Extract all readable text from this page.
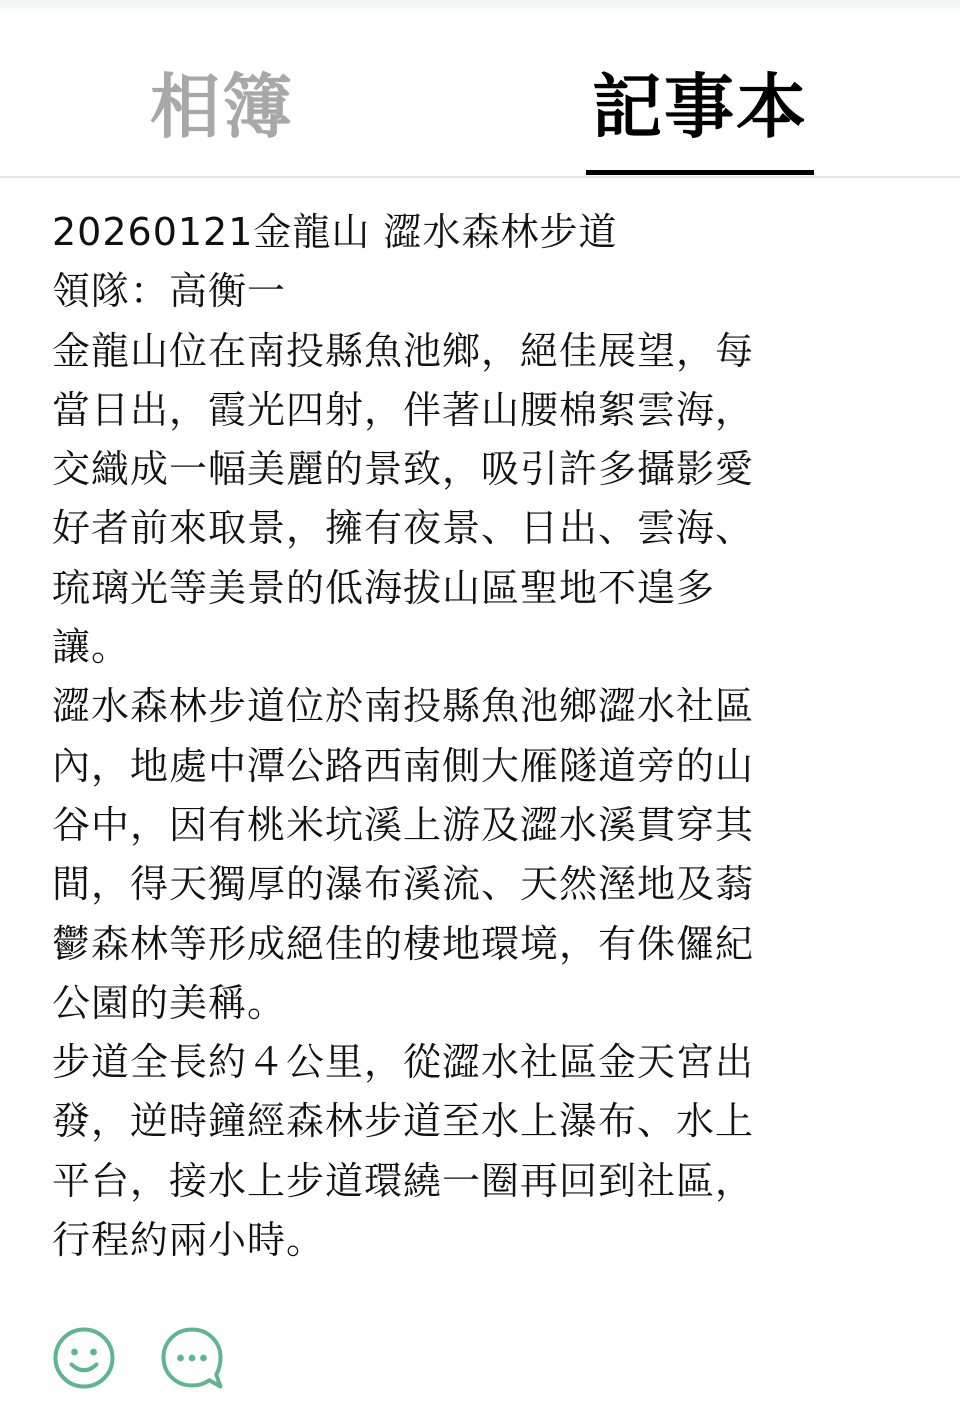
相簿	記事本
20260121金龍山 澀水森林步道
領隊：高衡一
金龍山位在南投縣魚池鄉，絕佳展望，每
當日出，霞光四射，伴著山腰棉絮雲海，
交織成一幅美麗的景致，吸引許多攝影愛
好者前來取景，擁有夜景、日出、雲海、
琉璃光等美景的低海拔山區聖地不遑多
讓。
澀水森林步道位於南投縣魚池鄉澀水社區
內，地處中潭公路西南側大雁隧道旁的山
谷中，因有桃米坑溪上游及澀水溪貫穿其
間，得天獨厚的瀑布溪流、天然溼地及蓊
鬱森林等形成絕佳的棲地環境，有侏儸紀
公園的美稱。
步道全長約４公里，從澀水社區金天宮出
發，逆時鐘經森林步道至水上瀑布、水上
平台，接水上步道環繞一圈再回到社區，
行程約兩小時。
